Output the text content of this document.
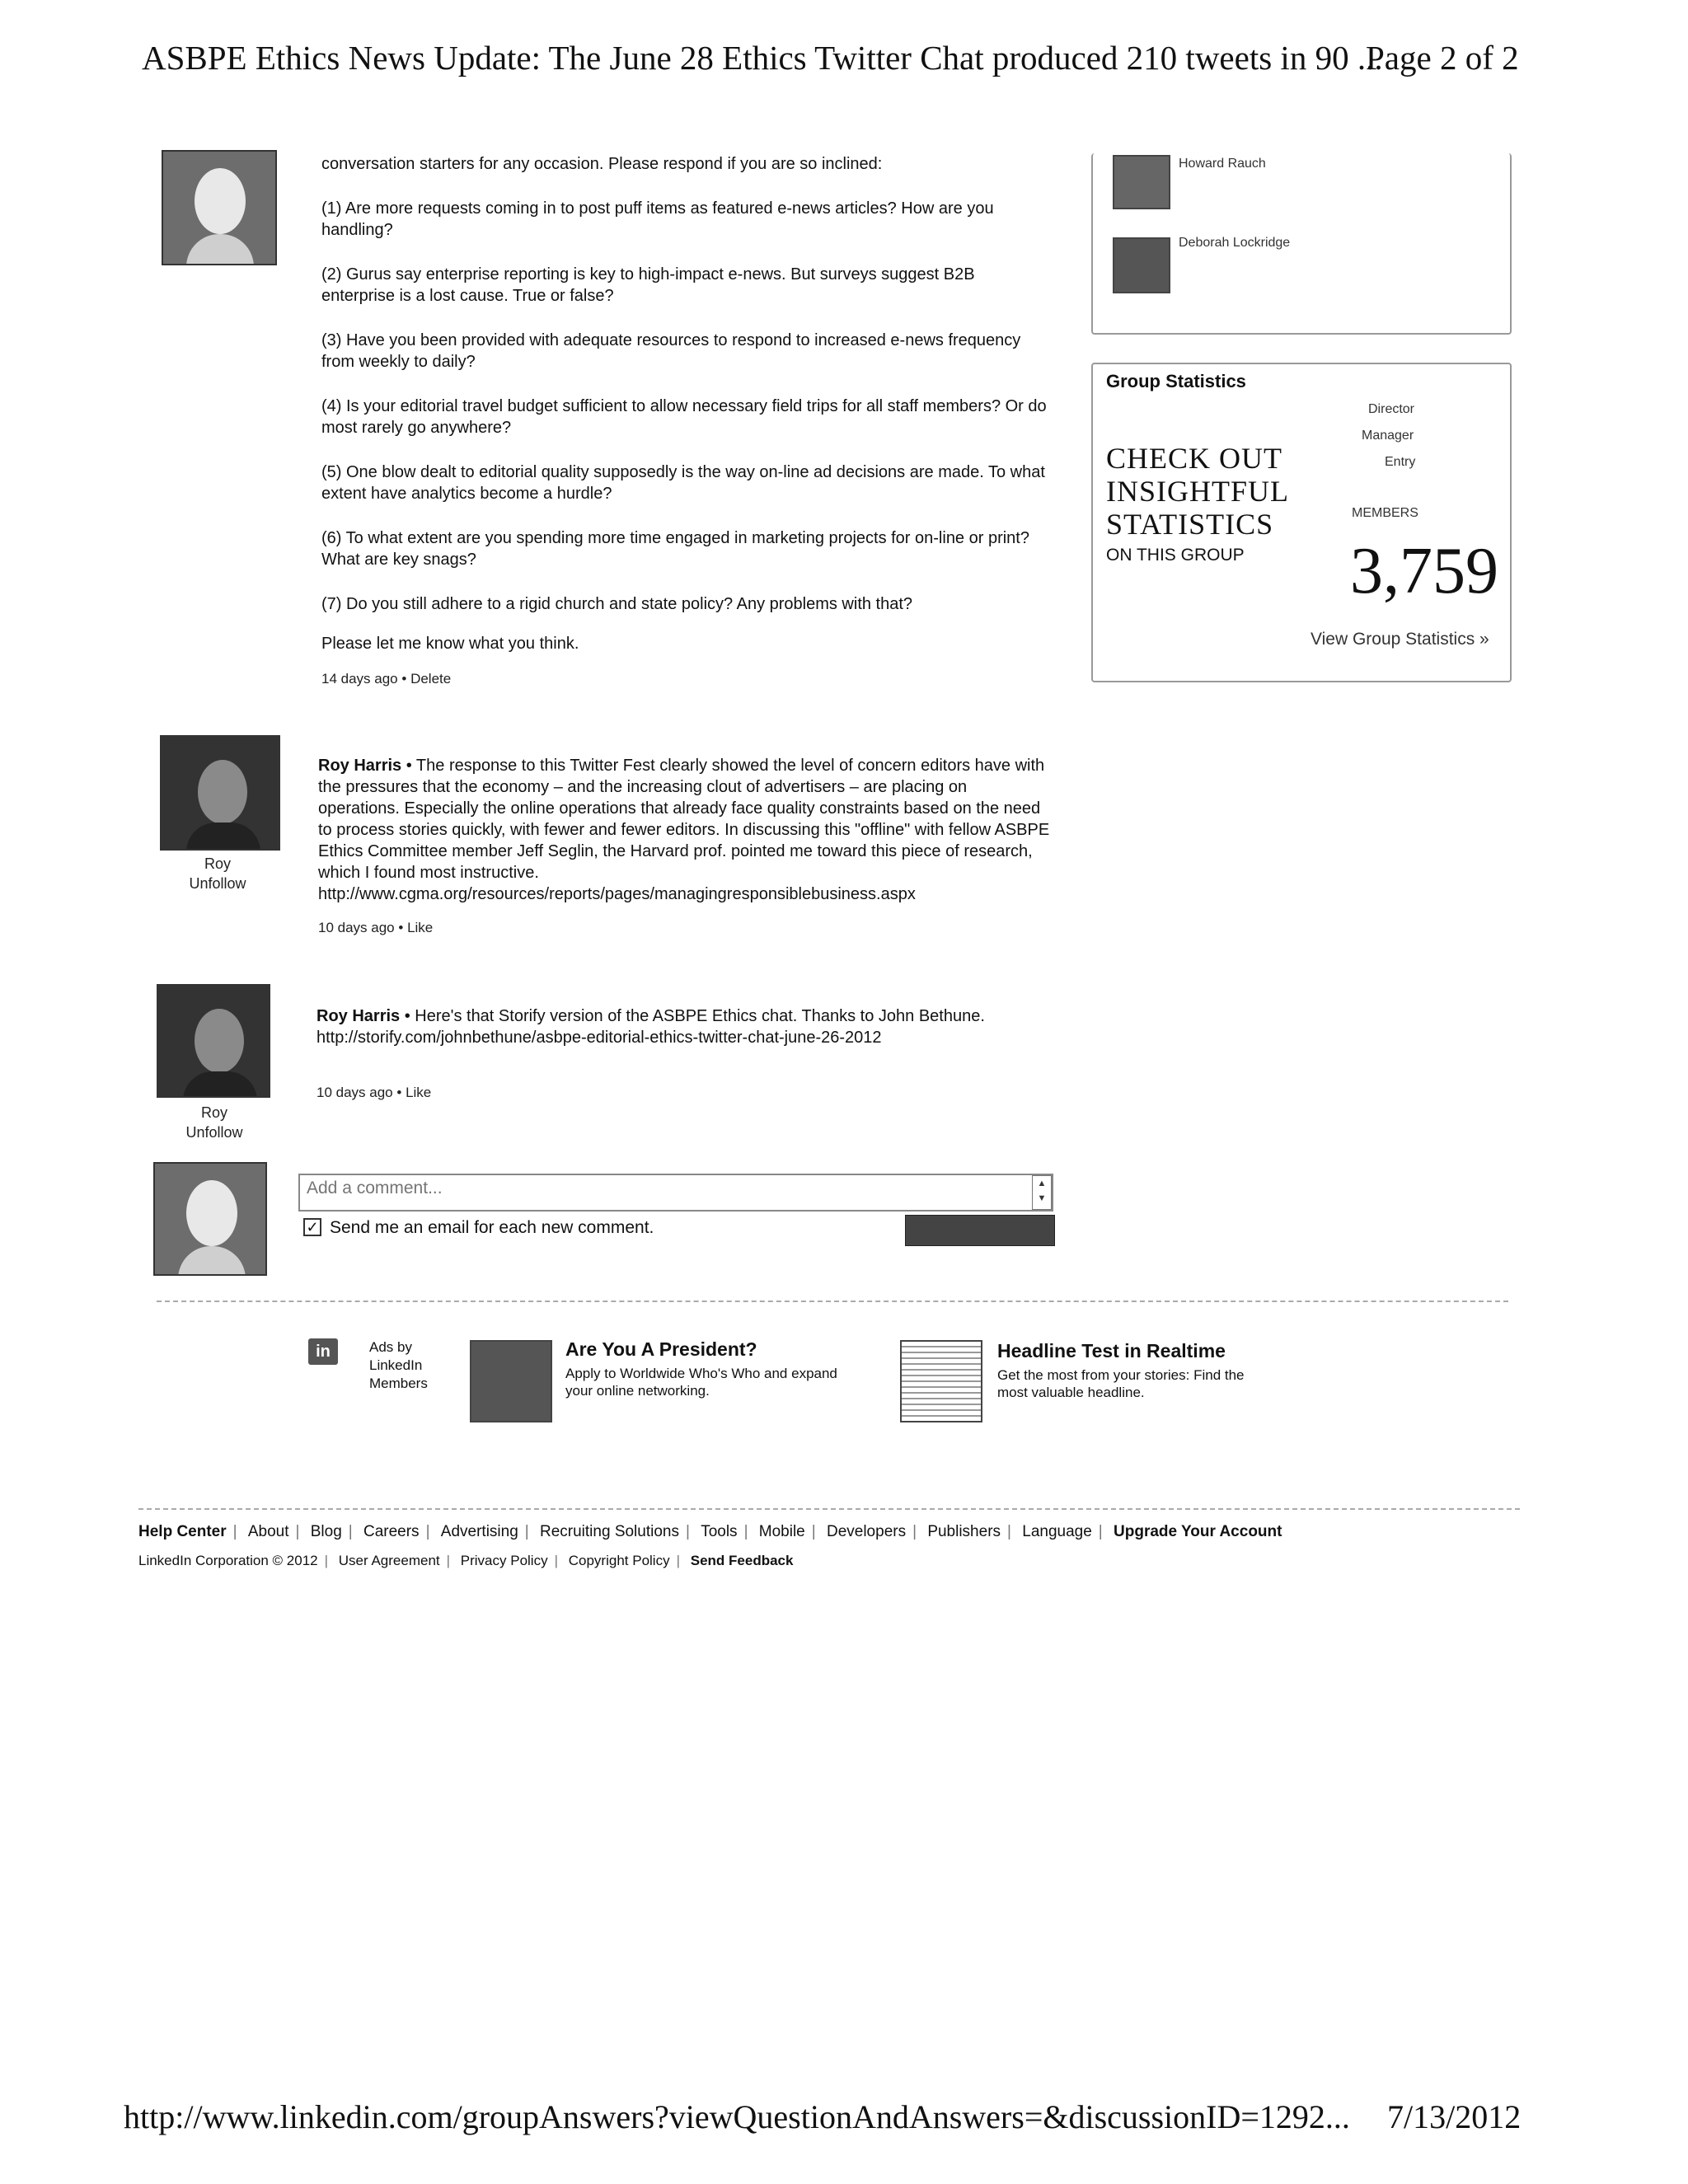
ASBPE Ethics News Update: The June 28 Ethics Twitter Chat produced 210 tweets in 90 ...
Page 2 of 2
conversation starters for any occasion. Please respond if you are so inclined:
(1) Are more requests coming in to post puff items as featured e-news articles? How are you handling?
(2) Gurus say enterprise reporting is key to high-impact e-news. But surveys suggest B2B enterprise is a lost cause. True or false?
(3) Have you been provided with adequate resources to respond to increased e-news frequency from weekly to daily?
(4) Is your editorial travel budget sufficient to allow necessary field trips for all staff members? Or do most rarely go anywhere?
(5) One blow dealt to editorial quality supposedly is the way on-line ad decisions are made. To what extent have analytics become a hurdle?
(6) To what extent are you spending more time engaged in marketing projects for on-line or print? What are key snags?
(7) Do you still adhere to a rigid church and state policy? Any problems with that?
Please let me know what you think.
14 days ago • Delete
Roy
Unfollow
Roy Harris • The response to this Twitter Fest clearly showed the level of concern editors have with the pressures that the economy – and the increasing clout of advertisers – are placing on operations. Especially the online operations that already face quality constraints based on the need to process stories quickly, with fewer and fewer editors. In discussing this "offline" with fellow ASBPE Ethics Committee member Jeff Seglin, the Harvard prof. pointed me toward this piece of research, which I found most instructive.
http://www.cgma.org/resources/reports/pages/managingresponsiblebusiness.aspx
10 days ago • Like
Roy
Unfollow
Roy Harris • Here's that Storify version of the ASBPE Ethics chat. Thanks to John Bethune.
http://storify.com/johnbethune/asbpe-editorial-ethics-twitter-chat-june-26-2012
10 days ago • Like
Add a comment...
▲
▼
✓ Send me an email for each new comment.
in	Ads by
LinkedIn
Members
Are You A President?
Apply to Worldwide Who's Who and expand your online networking.
Headline Test in Realtime
Get the most from your stories: Find the most valuable headline.
Howard Rauch
Deborah Lockridge
Group Statistics
Director
Manager
Entry
CHECK OUT
INSIGHTFUL
STATISTICS
ON THIS GROUP
MEMBERS
3,759
View Group Statistics »
Help Center | About | Blog | Careers | Advertising | Recruiting Solutions | Tools | Mobile | Developers | Publishers | Language | Upgrade Your Account
LinkedIn Corporation © 2012 | User Agreement | Privacy Policy | Copyright Policy | Send Feedback
http://www.linkedin.com/groupAnswers?viewQuestionAndAnswers=&discussionID=1292... 7/13/2012
